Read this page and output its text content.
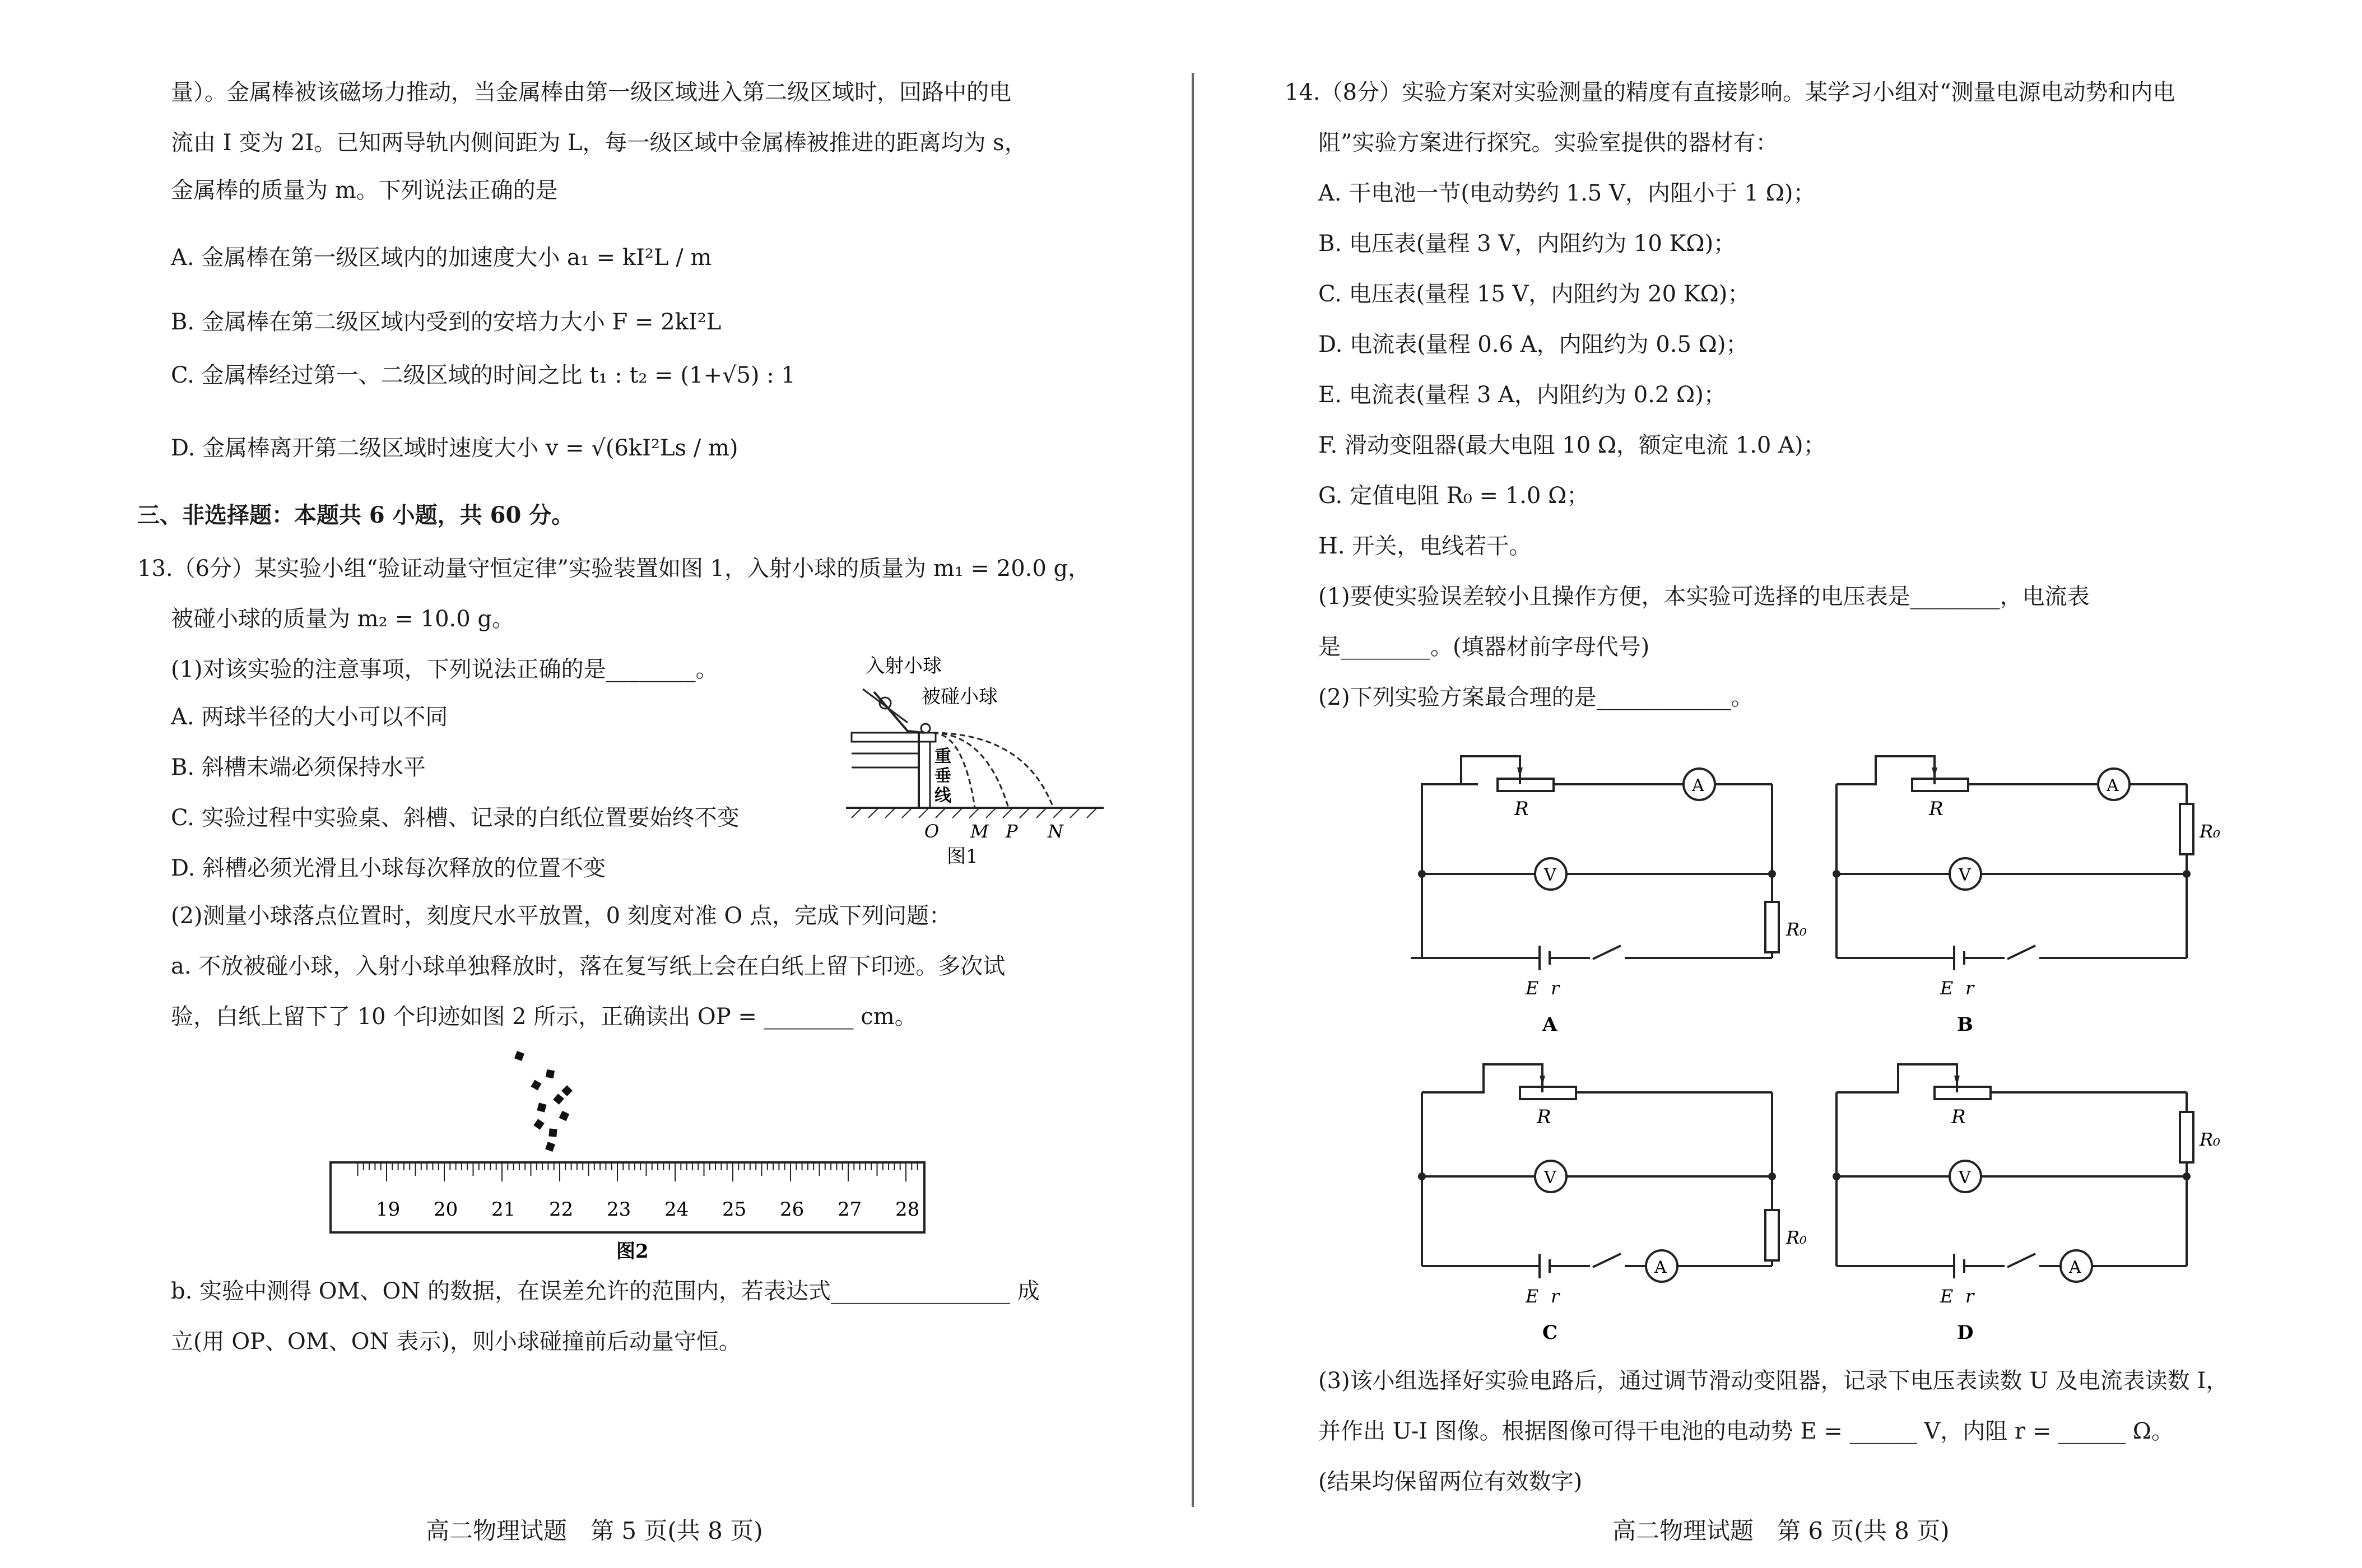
量）。金属棒被该磁场力推动，当金属棒由第一级区域进入第二级区域时，回路中的电
流由 I 变为 2I。已知两导轨内侧间距为 L，每一级区域中金属棒被推进的距离均为 s，
金属棒的质量为 m。下列说法正确的是
A. 金属棒在第一级区域内的加速度大小 a₁ = kI²L / m
B. 金属棒在第二级区域内受到的安培力大小 F = 2kI²L
C. 金属棒经过第一、二级区域的时间之比 t₁ : t₂ = (1+√5) : 1
D. 金属棒离开第二级区域时速度大小 v = √(6kI²Ls / m)
三、非选择题：本题共 6 小题，共 60 分。
13.（6分）某实验小组“验证动量守恒定律”实验装置如图 1，入射小球的质量为 m₁ = 20.0 g，
被碰小球的质量为 m₂ = 10.0 g。
(1)对该实验的注意事项，下列说法正确的是________。
A. 两球半径的大小可以不同
B. 斜槽末端必须保持水平
C. 实验过程中实验桌、斜槽、记录的白纸位置要始终不变
D. 斜槽必须光滑且小球每次释放的位置不变
入射小球
被碰小球
重
垂
线
O M P N
图1
(2)测量小球落点位置时，刻度尺水平放置，0 刻度对准 O 点，完成下列问题：
a. 不放被碰小球，入射小球单独释放时，落在复写纸上会在白纸上留下印迹。多次试
验，白纸上留下了 10 个印迹如图 2 所示，正确读出 OP = ________ cm。
19 20 21 22 23 24 25 26 27 28
图2
b. 实验中测得 OM、ON 的数据，在误差允许的范围内，若表达式________________ 成
立(用 OP、OM、ON 表示)，则小球碰撞前后动量守恒。
高二物理试题　第 5 页(共 8 页)
14.（8分）实验方案对实验测量的精度有直接影响。某学习小组对“测量电源电动势和内电
阻”实验方案进行探究。实验室提供的器材有：
A. 干电池一节(电动势约 1.5 V，内阻小于 1 Ω)；
B. 电压表(量程 3 V，内阻约为 10 KΩ)；
C. 电压表(量程 15 V，内阻约为 20 KΩ)；
D. 电流表(量程 0.6 A，内阻约为 0.5 Ω)；
E. 电流表(量程 3 A，内阻约为 0.2 Ω)；
F. 滑动变阻器(最大电阻 10 Ω，额定电流 1.0 A)；
G. 定值电阻 R₀ = 1.0 Ω；
H. 开关，电线若干。
(1)要使实验误差较小且操作方便，本实验可选择的电压表是________，电流表
是________。(填器材前字母代号)
(2)下列实验方案最合理的是____________。
R
A
V
R₀
E r
A
R
A
V
R₀
E r
B
R
V
A
R₀
E r
C
R
V
A
R₀
E r
D
(3)该小组选择好实验电路后，通过调节滑动变阻器，记录下电压表读数 U 及电流表读数 I，
并作出 U-I 图像。根据图像可得干电池的电动势 E = ______ V，内阻 r = ______ Ω。
(结果均保留两位有效数字)
高二物理试题　第 6 页(共 8 页)
